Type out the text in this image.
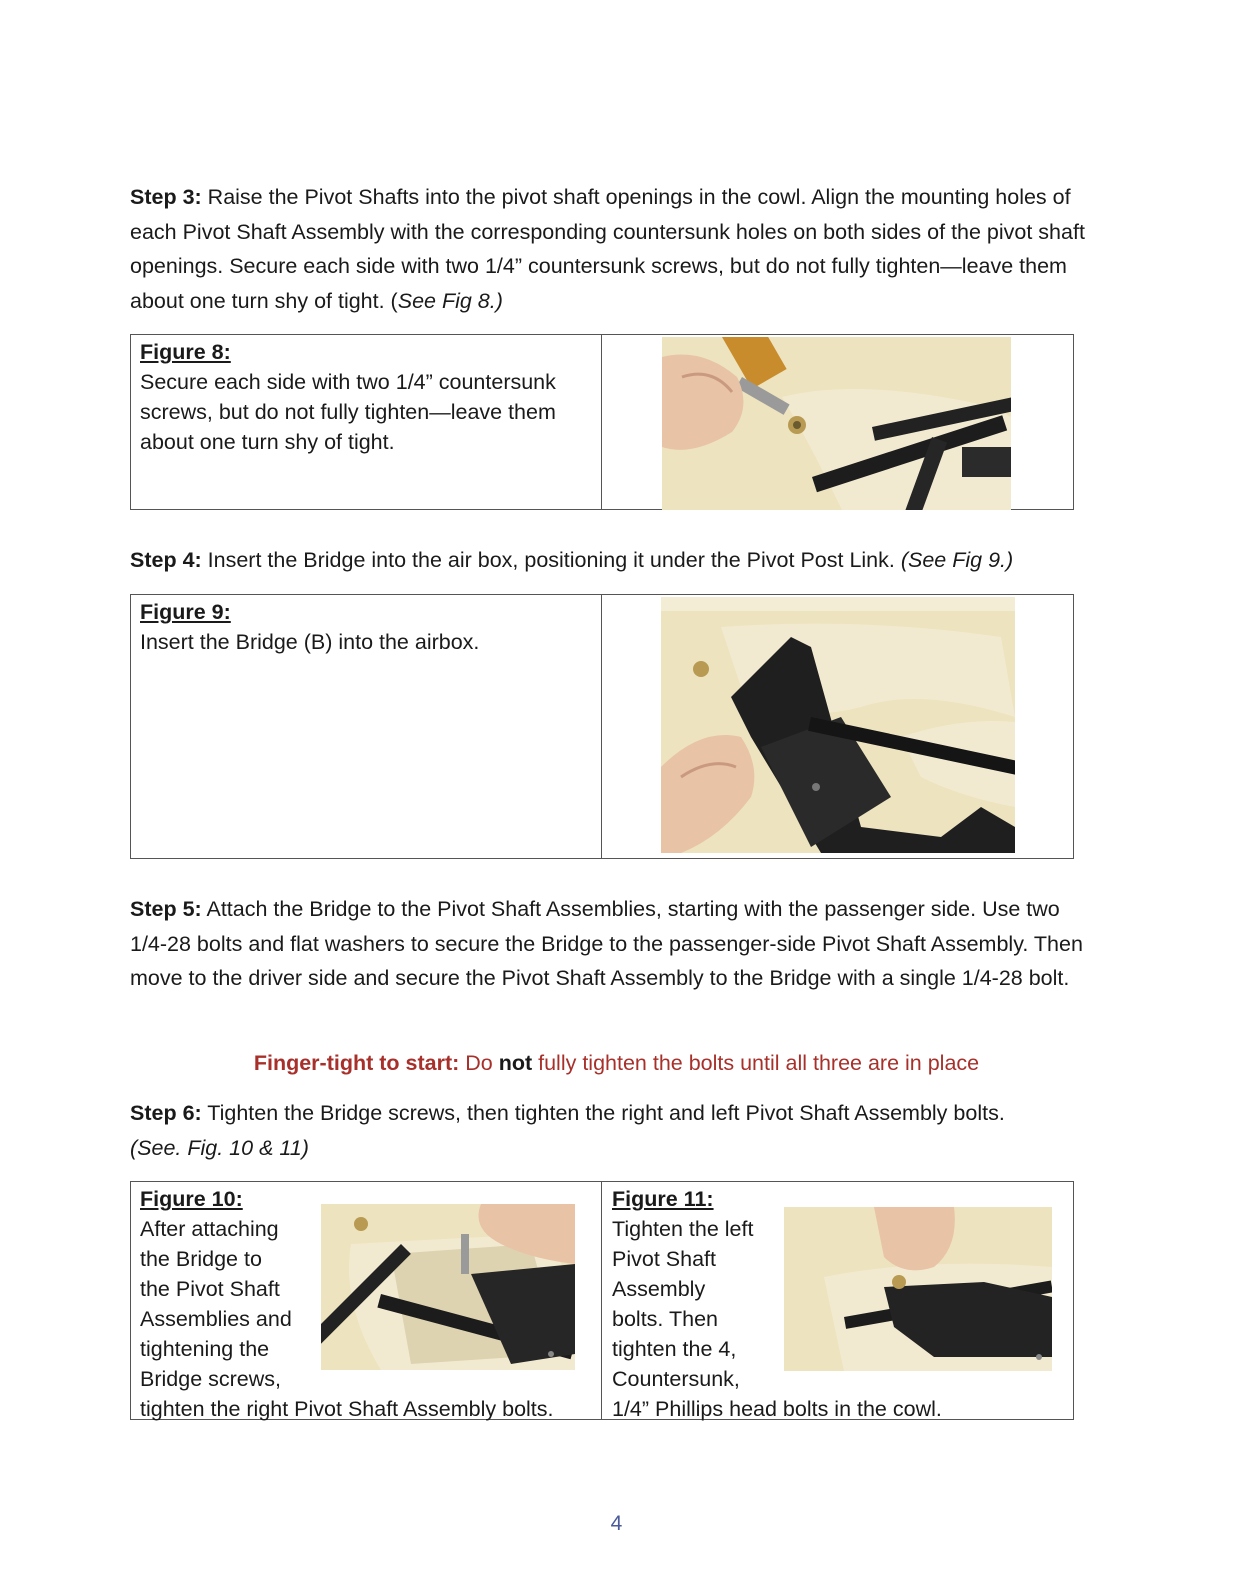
Step 3: Raise the Pivot Shafts into the pivot shaft openings in the cowl. Align the mounting holes of each Pivot Shaft Assembly with the corresponding countersunk holes on both sides of the pivot shaft openings. Secure each side with two 1/4” countersunk screws, but do not fully tighten—leave them about one turn shy of tight. (See Fig 8.)

Figure 8:
Secure each side with two 1/4” countersunk screws, but do not fully tighten—leave them about one turn shy of tight.

Step 4: Insert the Bridge into the air box, positioning it under the Pivot Post Link. (See Fig 9.)

Figure 9:
Insert the Bridge (B) into the airbox.

Step 5: Attach the Bridge to the Pivot Shaft Assemblies, starting with the passenger side. Use two 1/4-28 bolts and flat washers to secure the Bridge to the passenger-side Pivot Shaft Assembly. Then move to the driver side and secure the Pivot Shaft Assembly to the Bridge with a single 1/4-28 bolt.

Finger-tight to start: Do not fully tighten the bolts until all three are in place

Step 6: Tighten the Bridge screws, then tighten the right and left Pivot Shaft Assembly bolts.
(See. Fig. 10 & 11)

Figure 10:
After attaching
the Bridge to
the Pivot Shaft
Assemblies and
tightening the
Bridge screws,
tighten the right Pivot Shaft Assembly bolts.
Figure 11:
Tighten the left
Pivot Shaft
Assembly
bolts. Then
tighten the 4,
Countersunk,
1/4” Phillips head bolts in the cowl.
4
